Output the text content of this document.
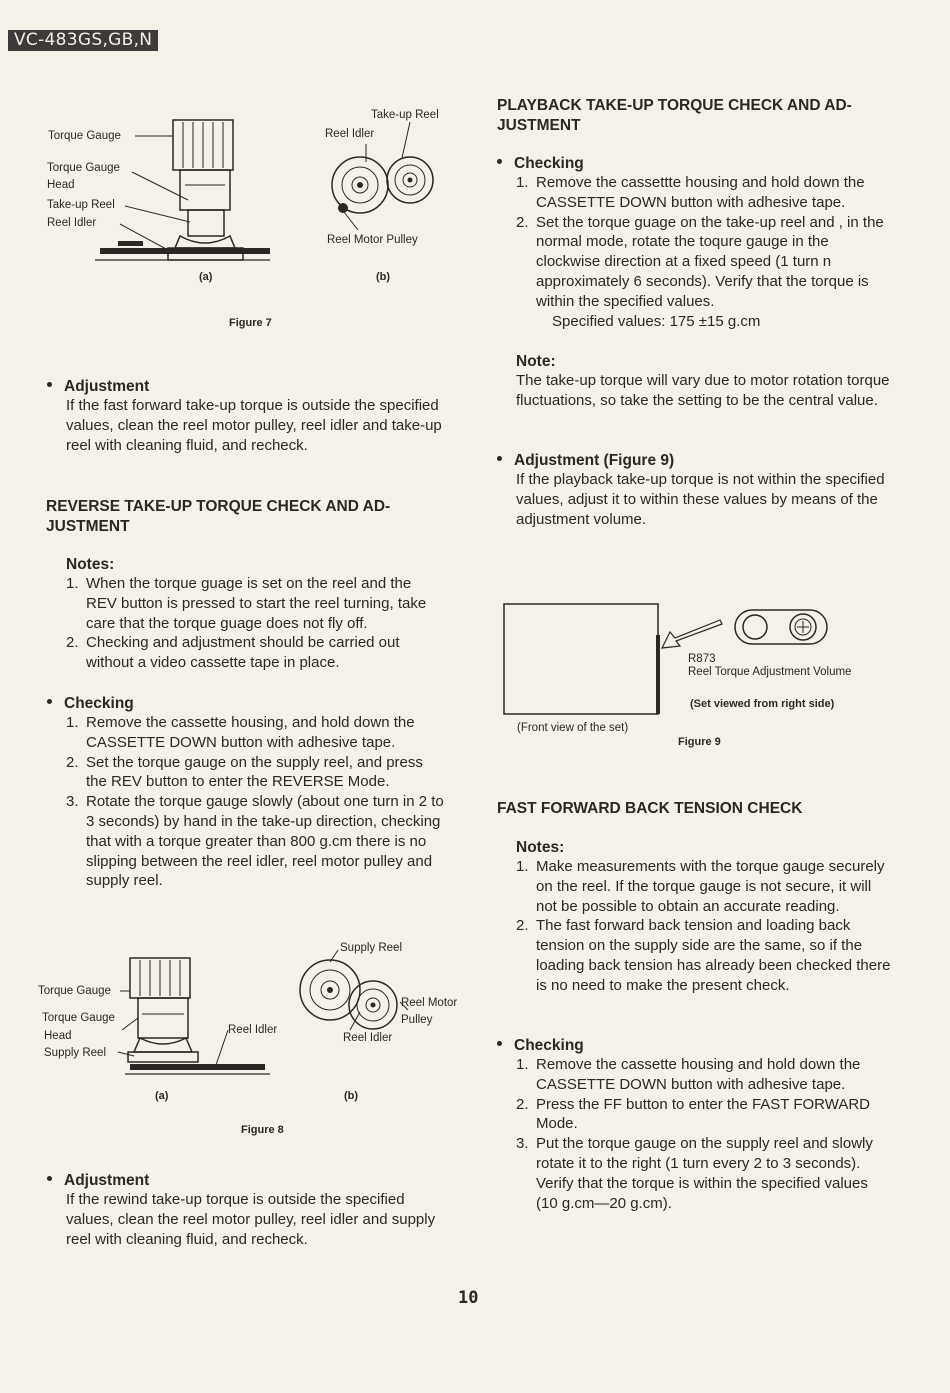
VC-483GS,GB,N
Torque Gauge
Torque Gauge
Head
Take-up Reel
Reel Idler
Take-up Reel
Reel Idler
Reel Motor Pulley
(a)	(b)
Figure 7

Adjustment

If the fast forward take-up torque is outside the specified values, clean the reel motor pulley, reel idler and take-up reel with cleaning fluid, and recheck.

REVERSE TAKE-UP TORQUE CHECK AND AD-

JUSTMENT

Notes:

1. When the torque guage is set on the reel and the REV button is pressed to start the reel turning, take care that the torque guage does not fly off.
2. Checking and adjustment should be carried out without a video cassette tape in place.

Checking

1. Remove the cassette housing, and hold down the CASSETTE DOWN button with adhesive tape.
2. Set the torque gauge on the supply reel, and press the REV button to enter the REVERSE Mode.
3. Rotate the torque gauge slowly (about one turn in 2 to 3 seconds) by hand in the take-up direction, checking that with a torque greater than 800 g.cm there is no slipping between the reel idler, reel motor pulley and supply reel.
Supply Reel
Torque Gauge
Reel Motor
Torque Gauge	Pulley
Reel Idler
Head	Reel Idler
Supply Reel
(a)	(b)
Figure 8

Adjustment

If the rewind take-up torque is outside the specified values, clean the reel motor pulley, reel idler and supply reel with cleaning fluid, and recheck.

PLAYBACK TAKE-UP TORQUE CHECK AND AD-

JUSTMENT

Checking

1. Remove the cassettte housing and hold down the CASSETTE DOWN button with adhesive tape.
2. Set the torque guage on the take-up reel and , in the normal mode, rotate the toqure gauge in the clockwise direction at a fixed speed (1 turn n approximately 6 seconds). Verify that the torque is within the specified values.

Specified values: 175 ±15 g.cm

Note:

The take-up torque will vary due to motor rotation torque fluctuations, so take the setting to be the central value.

Adjustment (Figure 9)

If the playback take-up torque is not within the specified values, adjust it to within these values by means of the adjustment volume.

R873
Reel Torque Adjustment Volume
(Set viewed from right side)
(Front view of the set)
Figure 9

FAST FORWARD BACK TENSION CHECK

Notes:

1. Make measurements with the torque gauge securely on the reel. If the torque gauge is not secure, it will not be possible to obtain an accurate reading.
2. The fast forward back tension and loading back tension on the supply side are the same, so if the loading back tension has already been checked there is no need to make the present check.

Checking

1. Remove the cassette housing and hold down the CASSETTE DOWN button with adhesive tape.
2. Press the FF button to enter the FAST FORWARD Mode.
3. Put the torque gauge on the supply reel and slowly rotate it to the right (1 turn every 2 to 3 seconds). Verify that the torque is within the specified values (10 g.cm—20 g.cm).
10
